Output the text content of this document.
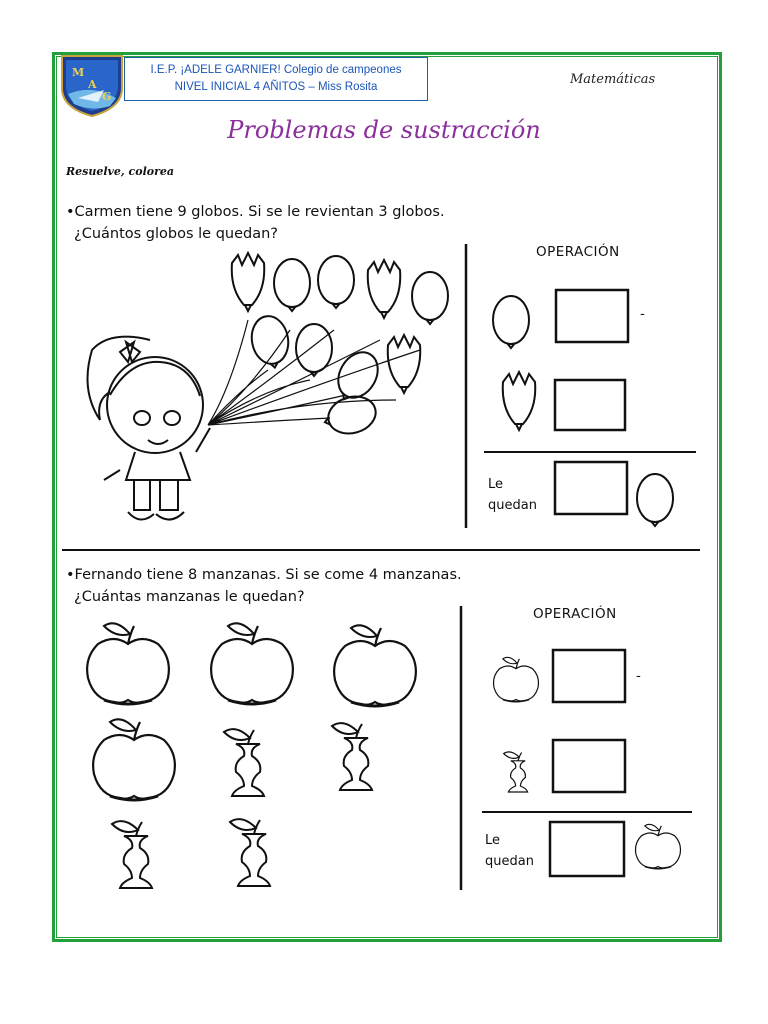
M
A
G
I.E.P. ¡ADELE GARNIER! Colegio de campeones
NIVEL INICIAL 4 AÑITOS – Miss Rosita	Matemáticas
Problemas de sustracción
Resuelve, colorea
•Carmen tiene 9 globos. Si se le revientan 3 globos.
¿Cuántos globos le quedan?
OPERACIÓN
-
Le
quedan
•Fernando tiene 8 manzanas. Si se come 4 manzanas.
¿Cuántas manzanas le quedan?
OPERACIÓN
-
Le
quedan
